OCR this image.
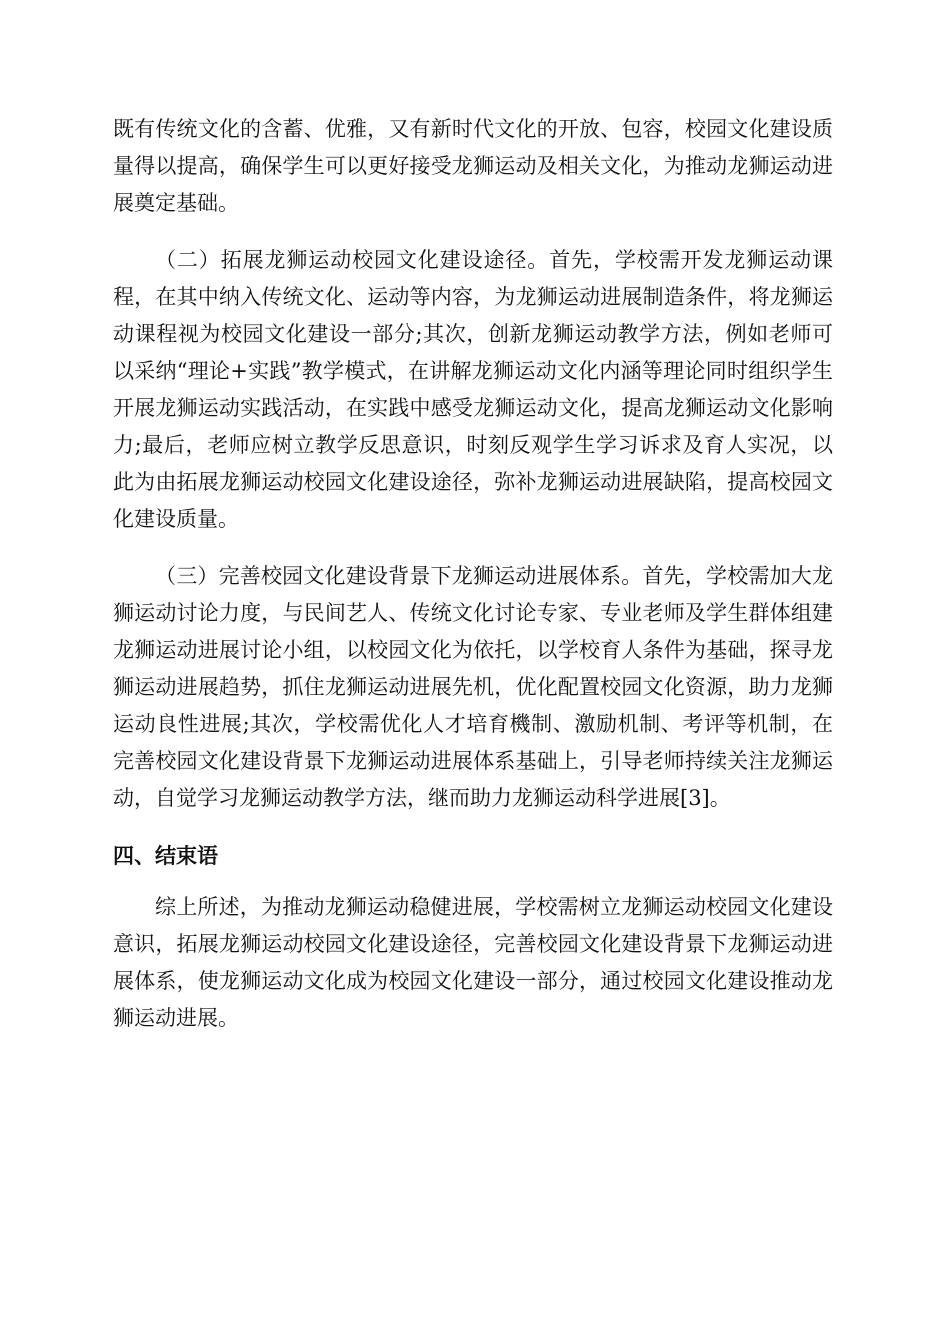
既有传统文化的含蓄、优雅，又有新时代文化的开放、包容，校园文化建设质量得以提高，确保学生可以更好接受龙狮运动及相关文化，为推动龙狮运动进展奠定基础。

（二）拓展龙狮运动校园文化建设途径。首先，学校需开发龙狮运动课程，在其中纳入传统文化、运动等内容，为龙狮运动进展制造条件，将龙狮运动课程视为校园文化建设一部分;其次，创新龙狮运动教学方法，例如老师可以采纳“理论+实践”教学模式，在讲解龙狮运动文化内涵等理论同时组织学生开展龙狮运动实践活动，在实践中感受龙狮运动文化，提高龙狮运动文化影响力;最后，老师应树立教学反思意识，时刻反观学生学习诉求及育人实况，以此为由拓展龙狮运动校园文化建设途径，弥补龙狮运动进展缺陷，提高校园文化建设质量。

（三）完善校园文化建设背景下龙狮运动进展体系。首先，学校需加大龙狮运动讨论力度，与民间艺人、传统文化讨论专家、专业老师及学生群体组建龙狮运动进展讨论小组，以校园文化为依托，以学校育人条件为基础，探寻龙狮运动进展趋势，抓住龙狮运动进展先机，优化配置校园文化资源，助力龙狮运动良性进展;其次，学校需优化人才培育機制、激励机制、考评等机制，在完善校园文化建设背景下龙狮运动进展体系基础上，引导老师持续关注龙狮运动，自觉学习龙狮运动教学方法，继而助力龙狮运动科学进展[3]。

四、结束语

综上所述，为推动龙狮运动稳健进展，学校需树立龙狮运动校园文化建设意识，拓展龙狮运动校园文化建设途径，完善校园文化建设背景下龙狮运动进展体系，使龙狮运动文化成为校园文化建设一部分，通过校园文化建设推动龙狮运动进展。
